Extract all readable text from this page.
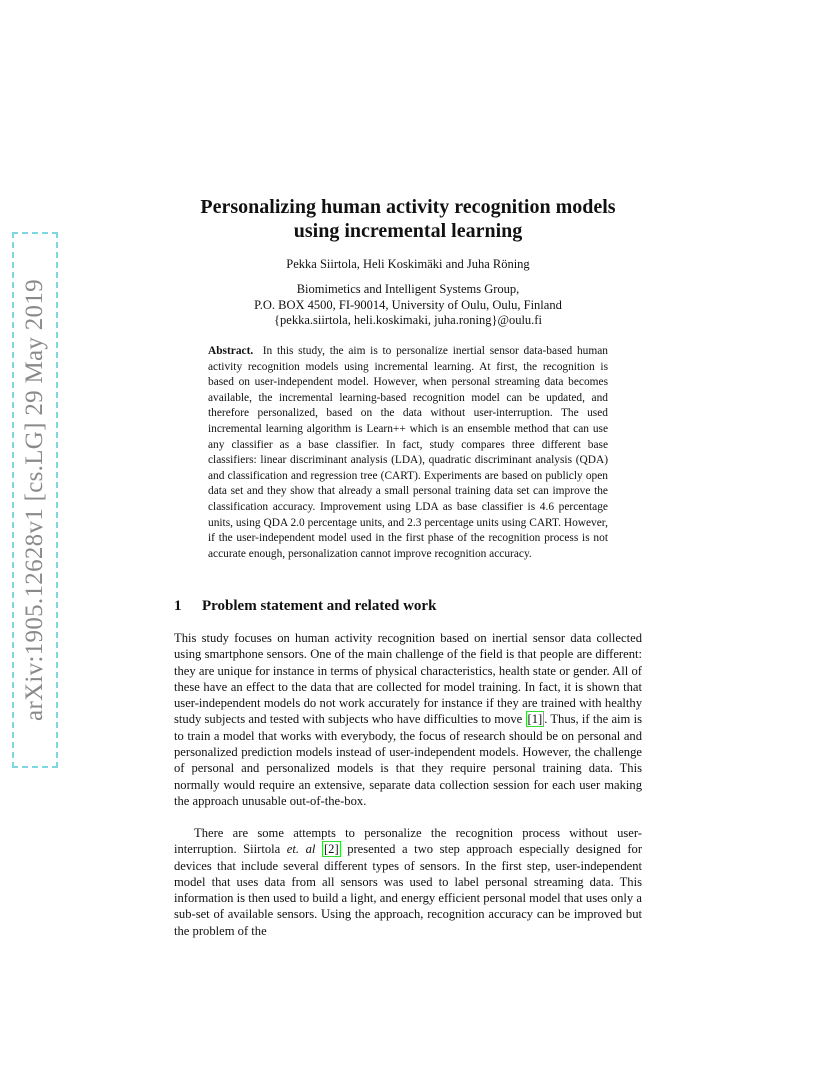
arXiv:1905.12628v1 [cs.LG] 29 May 2019
Personalizing human activity recognition models
using incremental learning

Pekka Siirtola, Heli Koskimäki and Juha Röning

Biomimetics and Intelligent Systems Group,

P.O. BOX 4500, FI-90014, University of Oulu, Oulu, Finland

{pekka.siirtola, heli.koskimaki, juha.roning}@oulu.fi

Abstract. In this study, the aim is to personalize inertial sensor data-based human activity recognition models using incremental learning. At first, the recognition is based on user-independent model. However, when personal streaming data becomes available, the incremental learning-based recognition model can be updated, and therefore personalized, based on the data without user-interruption. The used incremental learning algorithm is Learn++ which is an ensemble method that can use any classifier as a base classifier. In fact, study compares three different base classifiers: linear discriminant analysis (LDA), quadratic discriminant analysis (QDA) and classification and regression tree (CART). Experiments are based on publicly open data set and they show that already a small personal training data set can improve the classification accuracy. Improvement using LDA as base classifier is 4.6 percentage units, using QDA 2.0 percentage units, and 2.3 percentage units using CART. However, if the user-independent model used in the first phase of the recognition process is not accurate enough, personalization cannot improve recognition accuracy.

1 Problem statement and related work

This study focuses on human activity recognition based on inertial sensor data collected using smartphone sensors. One of the main challenge of the field is that people are different: they are unique for instance in terms of physical characteristics, health state or gender. All of these have an effect to the data that are collected for model training. In fact, it is shown that user-independent models do not work accurately for instance if they are trained with healthy study subjects and tested with subjects who have difficulties to move [1] . Thus, if the aim is to train a model that works with everybody, the focus of research should be on personal and personalized prediction models instead of user-independent models. However, the challenge of personal and personalized models is that they require personal training data. This normally would require an extensive, separate data collection session for each user making the approach unusable out-of-the-box.

There are some attempts to personalize the recognition process without user-interruption. Siirtola et. al [2] presented a two step approach especially designed for devices that include several different types of sensors. In the first step, user-independent model that uses data from all sensors was used to label personal streaming data. This information is then used to build a light, and energy efficient personal model that uses only a sub-set of available sensors. Using the approach, recognition accuracy can be improved but the problem of the
